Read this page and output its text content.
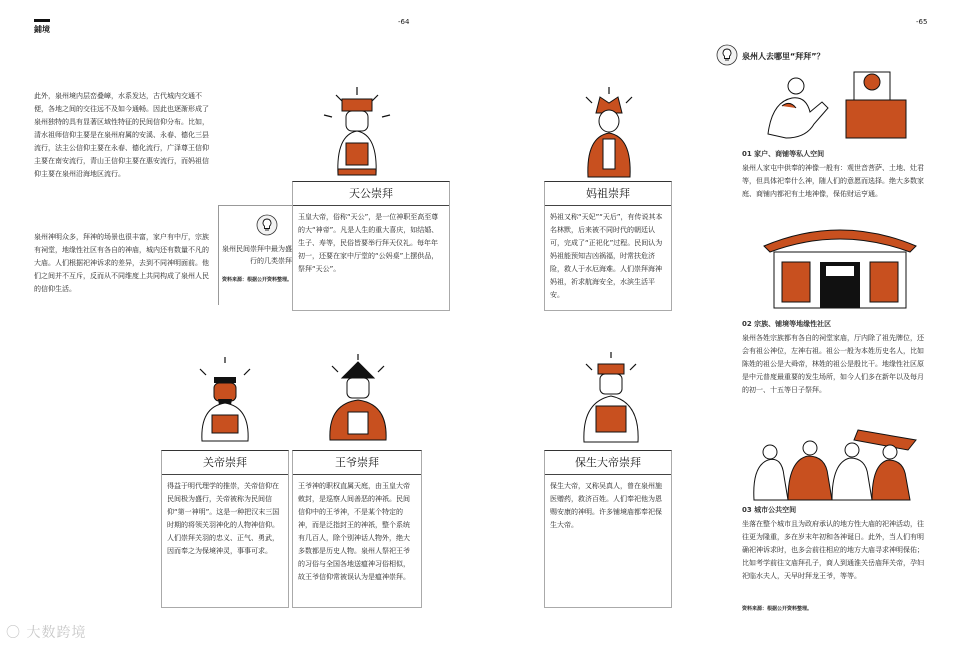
鋪境
-64	-65

此外，泉州境内层峦叠嶂，水系发达，古代城内交通不便，各地之间的交往远不及如今通畅。因此也逐渐形成了泉州独特的具有显著区域性特征的民间信仰分布。比如，清水祖师信仰主要是在泉州府属的安溪、永春、德化三县流行，法主公信仰主要在永春、德化流行，广泽尊王信仰主要在南安流行，青山王信仰主要在惠安流行，而妈祖信仰主要在泉州沿海地区流行。

泉州神明众多，拜神的场景也很丰富，家户有中厅，宗族有祠堂，地缘性社区有各自的神庙，城内还有数量不凡的大庙。人们根据祀神诉求的差异，去到不同神明面前。他们之间并不互斥，反而从不同维度上共同构成了泉州人民的信仰生活。

泉州民间崇拜中最为盛行的几类崇拜
资料来源：根据公开资料整理。
天公崇拜
玉皇大帝，俗称“天公”，是一位神职至高至尊的大“神帝”。凡是人生的重大喜庆，如结婚、生子、寿等，民俗皆要举行拜天仪礼。每年年初一，还要在家中厅堂的“公妈桌”上摆供品，祭拜“天公”。
妈祖崇拜
妈祖又称“天妃”“天后”，有传说其本名林默，后来被不同时代的朝廷认可，完成了“正祀化”过程。民间认为妈祖能预知吉凶祸福，时常扶危济险，救人于水厄海难。人们崇拜海神妈祖，祈求航海安全，水滨生活平安。
关帝崇拜
得益于明代理学的推崇，关帝信仰在民间极为盛行，关帝被称为民间信仰“第一神明”。这是一种把汉末三国时期的将领关羽神化的人物神信仰。人们崇拜关羽的忠义、正气、勇武，因而奉之为保境神灵，事事可求。
王爷崇拜
王爷神的职权直属天庭，由玉皇大帝敕封，是巡察人间善恶的神祇。民间信仰中的王爷神，不是某个特定的神，而是泛指封王的神祇，整个系统有几百人，除个别神话人物外，绝大多数都是历史人物。泉州人祭祀王爷的习俗与全国各地送瘟神习俗相似，故王爷信仰常被误认为是瘟神崇拜。
保生大帝崇拜
保生大帝，又称吴真人，曾在泉州施医赠药，救济百姓。人们奉祀他为恩赐安康的神明。许多铺境庙都奉祀保生大帝。
泉州人去哪里“拜拜”？
01 家户、商铺等私人空间

泉州人家屯中供奉的神像一般有：观世音菩萨、土地、灶君等，但具体祀奉什么神，随人们的意愿而选择。绝大多数家庭、商铺内都祀有土地神像，保佑财运亨通。

02 宗族、铺境等地缘性社区

泉州各姓宗族都有各自的祠堂家庙，厅内除了祖先牌位，还会有祖公神位，左神右祖。祖公一般为本姓历史名人，比如陈姓的祖公是大舜帝，林姓的祖公是殷比干。地缘性社区原是中元普度最重要的发生场所，如今人们多在新年以及每月的初一、十五等日子祭拜。

03 城市公共空间

坐落在整个城市且为政府承认的地方性大庙的祀神活动，往往更为隆重，多在岁末年初和各神诞日。此外，当人们有明确祀神诉求时，也多会前往相应的地方大庙寻求神明保佑；比如考学前往文庙拜孔子，商人到通淮关岳庙拜关帝，孕妇祀临水夫人，天早时拜龙王爷，等等。

资料来源：根据公开资料整理。
〇 大数跨境
